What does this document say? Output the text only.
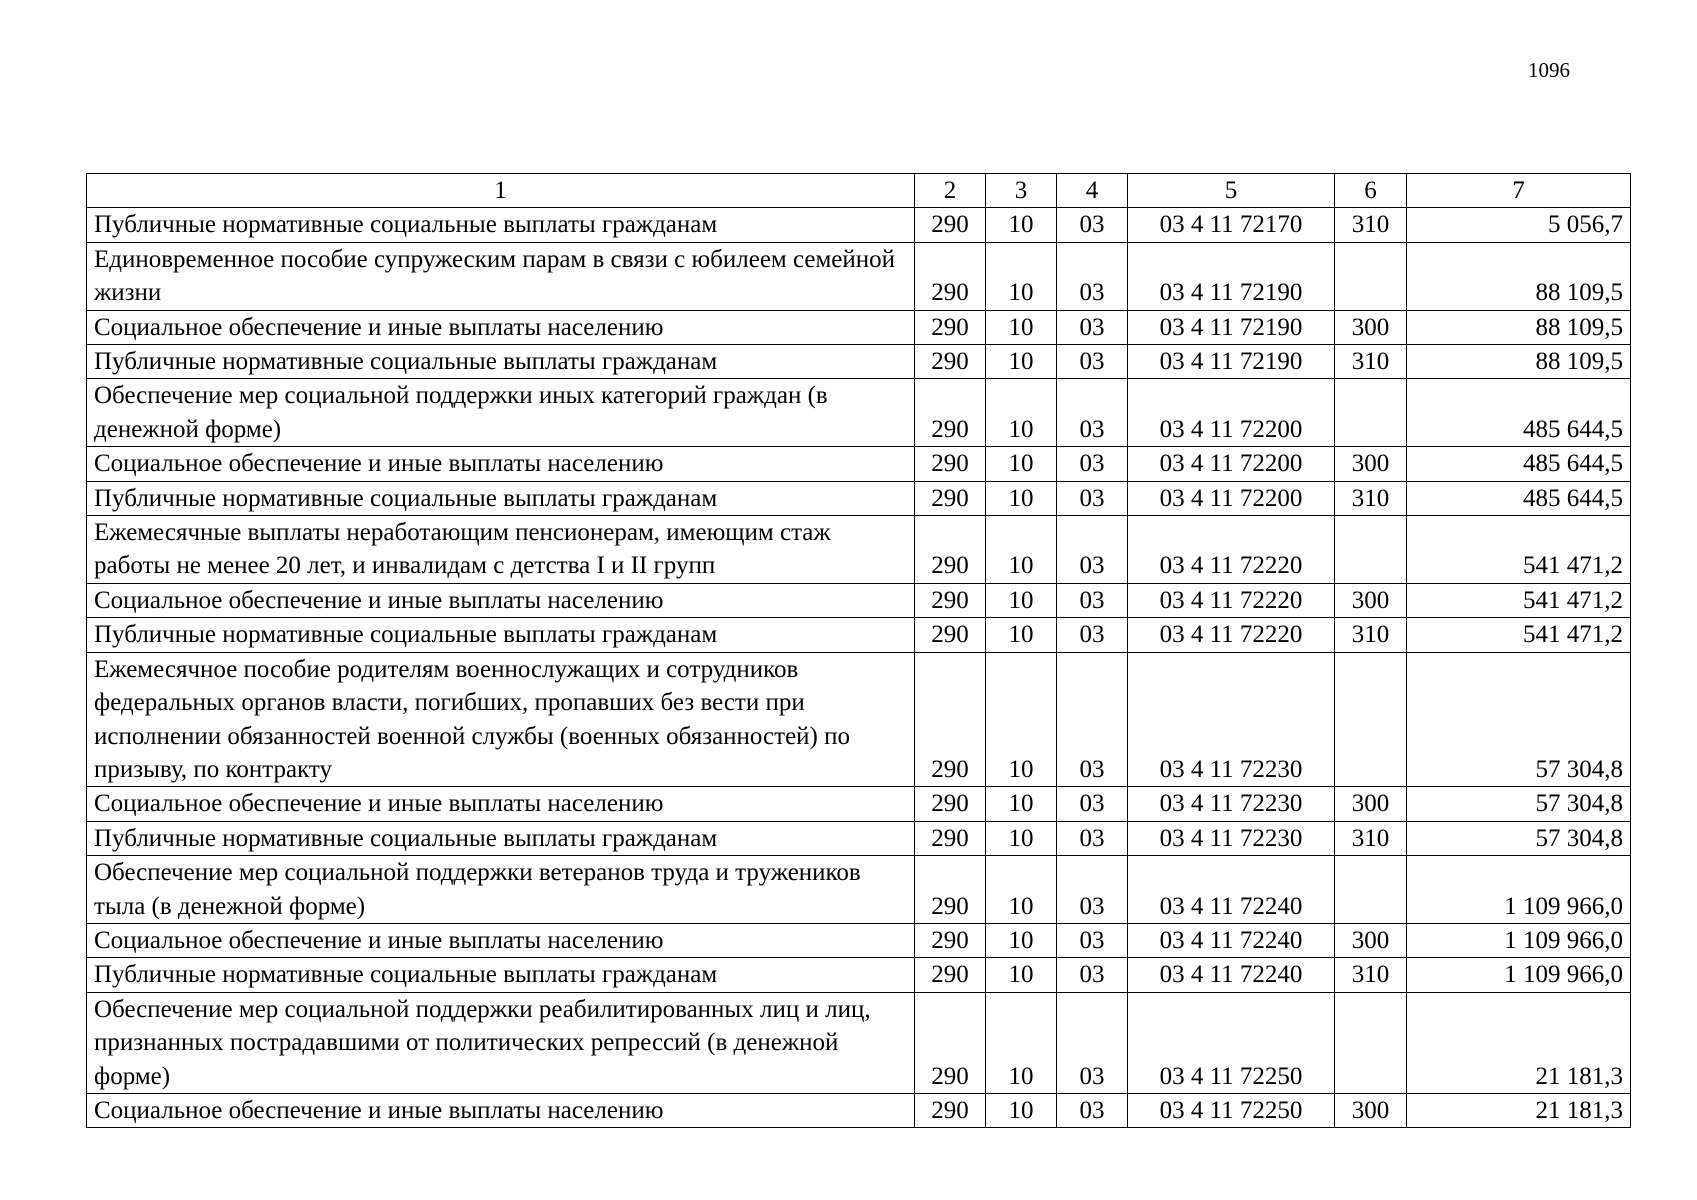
1096
1	2	3	4	5	6	7
Публичные нормативные социальные выплаты гражданам	290	10	03	03 4 11 72170	310	5 056,7
Единовременное пособие супружеским парам в связи с юбилеем семейной жизни	290	10	03	03 4 11 72190		88 109,5
Социальное обеспечение и иные выплаты населению	290	10	03	03 4 11 72190	300	88 109,5
Публичные нормативные социальные выплаты гражданам	290	10	03	03 4 11 72190	310	88 109,5
Обеспечение мер социальной поддержки иных категорий граждан (в денежной форме)	290	10	03	03 4 11 72200		485 644,5
Социальное обеспечение и иные выплаты населению	290	10	03	03 4 11 72200	300	485 644,5
Публичные нормативные социальные выплаты гражданам	290	10	03	03 4 11 72200	310	485 644,5
Ежемесячные выплаты неработающим пенсионерам, имеющим стаж работы не менее 20 лет, и инвалидам с детства I и II групп	290	10	03	03 4 11 72220		541 471,2
Социальное обеспечение и иные выплаты населению	290	10	03	03 4 11 72220	300	541 471,2
Публичные нормативные социальные выплаты гражданам	290	10	03	03 4 11 72220	310	541 471,2
Ежемесячное пособие родителям военнослужащих и сотрудников федеральных органов власти, погибших, пропавших без вести при исполнении обязанностей военной службы (военных обязанностей) по призыву, по контракту	290	10	03	03 4 11 72230		57 304,8
Социальное обеспечение и иные выплаты населению	290	10	03	03 4 11 72230	300	57 304,8
Публичные нормативные социальные выплаты гражданам	290	10	03	03 4 11 72230	310	57 304,8
Обеспечение мер социальной поддержки ветеранов труда и тружеников тыла (в денежной форме)	290	10	03	03 4 11 72240		1 109 966,0
Социальное обеспечение и иные выплаты населению	290	10	03	03 4 11 72240	300	1 109 966,0
Публичные нормативные социальные выплаты гражданам	290	10	03	03 4 11 72240	310	1 109 966,0
Обеспечение мер социальной поддержки реабилитированных лиц и лиц, признанных пострадавшими от политических репрессий (в денежной форме)	290	10	03	03 4 11 72250		21 181,3
Социальное обеспечение и иные выплаты населению	290	10	03	03 4 11 72250	300	21 181,3
